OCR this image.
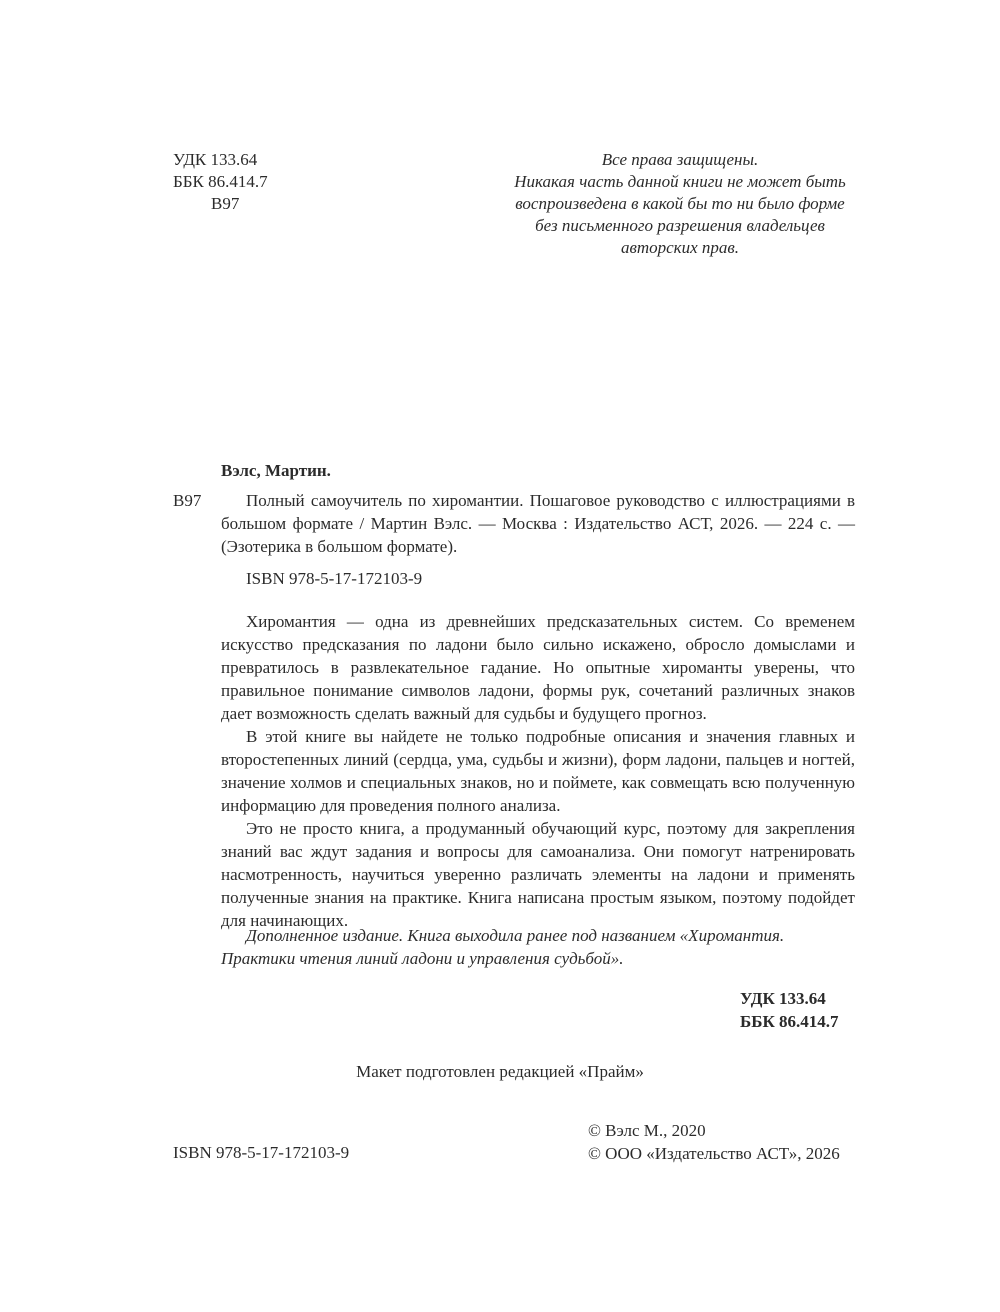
УДК 133.64
ББК 86.414.7
В97
Все права защищены.
Никакая часть данной книги не может быть
воспроизведена в какой бы то ни было форме
без письменного разрешения владельцев
авторских прав.
Вэлс, Мартин.
В97	Полный самоучитель по хиромантии. Пошаговое руководство с иллюстрациями в большом формате / Мартин Вэлс. — Москва : Издательство АСТ, 2026. — 224 с. — (Эзотерика в большом формате).
ISBN 978-5-17-172103-9

Хиромантия — одна из древнейших предсказательных систем. Со временем искусство предсказания по ладони было сильно искажено, обросло домыслами и превратилось в развлекательное гадание. Но опытные хироманты уверены, что правильное понимание символов ладони, формы рук, сочетаний различных знаков дает возможность сделать важный для судьбы и будущего прогноз.

В этой книге вы найдете не только подробные описания и значения главных и второстепенных линий (сердца, ума, судьбы и жизни), форм ладони, пальцев и ногтей, значение холмов и специальных знаков, но и поймете, как совмещать всю полученную информацию для проведения полного анализа.

Это не просто книга, а продуманный обучающий курс, поэтому для закрепления знаний вас ждут задания и вопросы для самоанализа. Они помогут натренировать насмотренность, научиться уверенно различать элементы на ладони и применять полученные знания на практике. Книга написана простым языком, поэтому подойдет для начинающих.

Дополненное издание. Книга выходила ранее под названием «Хиромантия. Практики чтения линий ладони и управления судьбой».

УДК 133.64
ББК 86.414.7
Макет подготовлен редакцией «Прайм»
ISBN 978-5-17-172103-9
© Вэлс М., 2020
© ООО «Издательство АСТ», 2026
